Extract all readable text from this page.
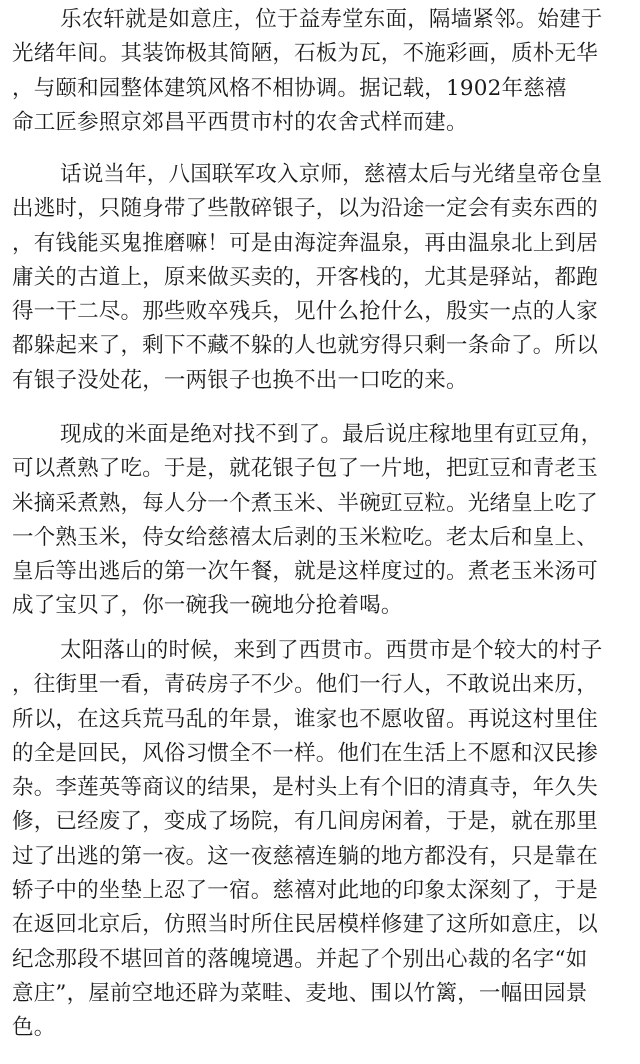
乐农轩就是如意庄，位于益寿堂东面，隔墙紧邻。始建于
光绪年间。其装饰极其简陋，石板为瓦，不施彩画，质朴无华
，与颐和园整体建筑风格不相协调。据记载，1902年慈禧
命工匠参照京郊昌平西贯市村的农舍式样而建。
话说当年，八国联军攻入京师，慈禧太后与光绪皇帝仓皇
出逃时，只随身带了些散碎银子，以为沿途一定会有卖东西的
，有钱能买鬼推磨嘛！可是由海淀奔温泉，再由温泉北上到居
庸关的古道上，原来做买卖的，开客栈的，尤其是驿站，都跑
得一干二尽。那些败卒残兵，见什么抢什么，殷实一点的人家
都躲起来了，剩下不藏不躲的人也就穷得只剩一条命了。所以
有银子没处花，一两银子也换不出一口吃的来。
现成的米面是绝对找不到了。最后说庄稼地里有豇豆角，
可以煮熟了吃。于是，就花银子包了一片地，把豇豆和青老玉
米摘采煮熟，每人分一个煮玉米、半碗豇豆粒。光绪皇上吃了
一个熟玉米，侍女给慈禧太后剥的玉米粒吃。老太后和皇上、
皇后等出逃后的第一次午餐，就是这样度过的。煮老玉米汤可
成了宝贝了，你一碗我一碗地分抢着喝。
太阳落山的时候，来到了西贯市。西贯市是个较大的村子
，往街里一看，青砖房子不少。他们一行人，不敢说出来历，
所以，在这兵荒马乱的年景，谁家也不愿收留。再说这村里住
的全是回民，风俗习惯全不一样。他们在生活上不愿和汉民掺
杂。李莲英等商议的结果，是村头上有个旧的清真寺，年久失
修，已经废了，变成了场院，有几间房闲着，于是，就在那里
过了出逃的第一夜。这一夜慈禧连躺的地方都没有，只是靠在
轿子中的坐垫上忍了一宿。慈禧对此地的印象太深刻了，于是
在返回北京后，仿照当时所住民居模样修建了这所如意庄，以
纪念那段不堪回首的落魄境遇。并起了个别出心裁的名字“如
意庄”，屋前空地还辟为菜畦、麦地、围以竹篱，一幅田园景
色。
